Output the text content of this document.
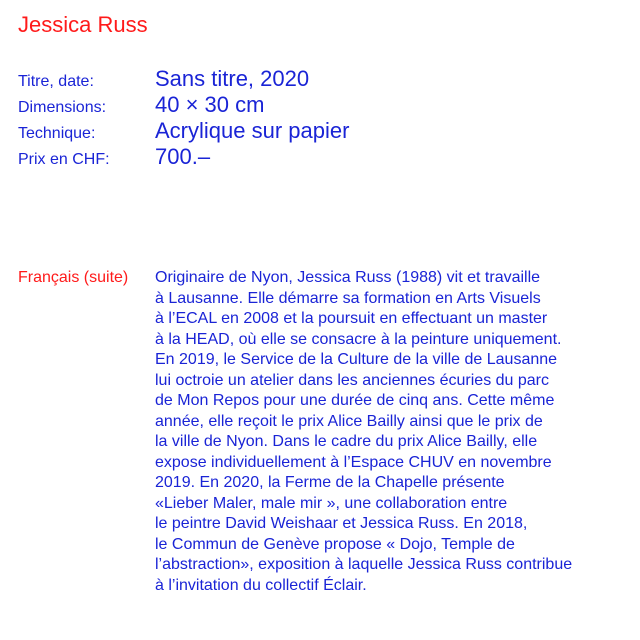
Jessica Russ
Titre, date:	Sans titre, 2020
Dimensions:	40 × 30 cm
Technique:	Acrylique sur papier
Prix en CHF:	700.–
Français (suite) Originaire de Nyon, Jessica Russ (1988) vit et travaille
à Lausanne. Elle démarre sa formation en Arts Visuels
à l’ECAL en 2008 et la poursuit en effectuant un master
à la HEAD, où elle se consacre à la peinture uniquement.
En 2019, le Service de la Culture de la ville de Lausanne
lui octroie un atelier dans les anciennes écuries du parc
de Mon Repos pour une durée de cinq ans. Cette même
année, elle reçoit le prix Alice Bailly ainsi que le prix de
la ville de Nyon. Dans le cadre du prix Alice Bailly, elle
expose individuellement à l’Espace CHUV en novembre
2019. En 2020, la Ferme de la Chapelle présente
«Lieber Maler, male mir », une collaboration entre
le peintre David Weishaar et Jessica Russ. En 2018,
le Commun de Genève propose « Dojo, Temple de
l’abstraction», exposition à laquelle Jessica Russ contribue
à l’invitation du collectif Éclair.
